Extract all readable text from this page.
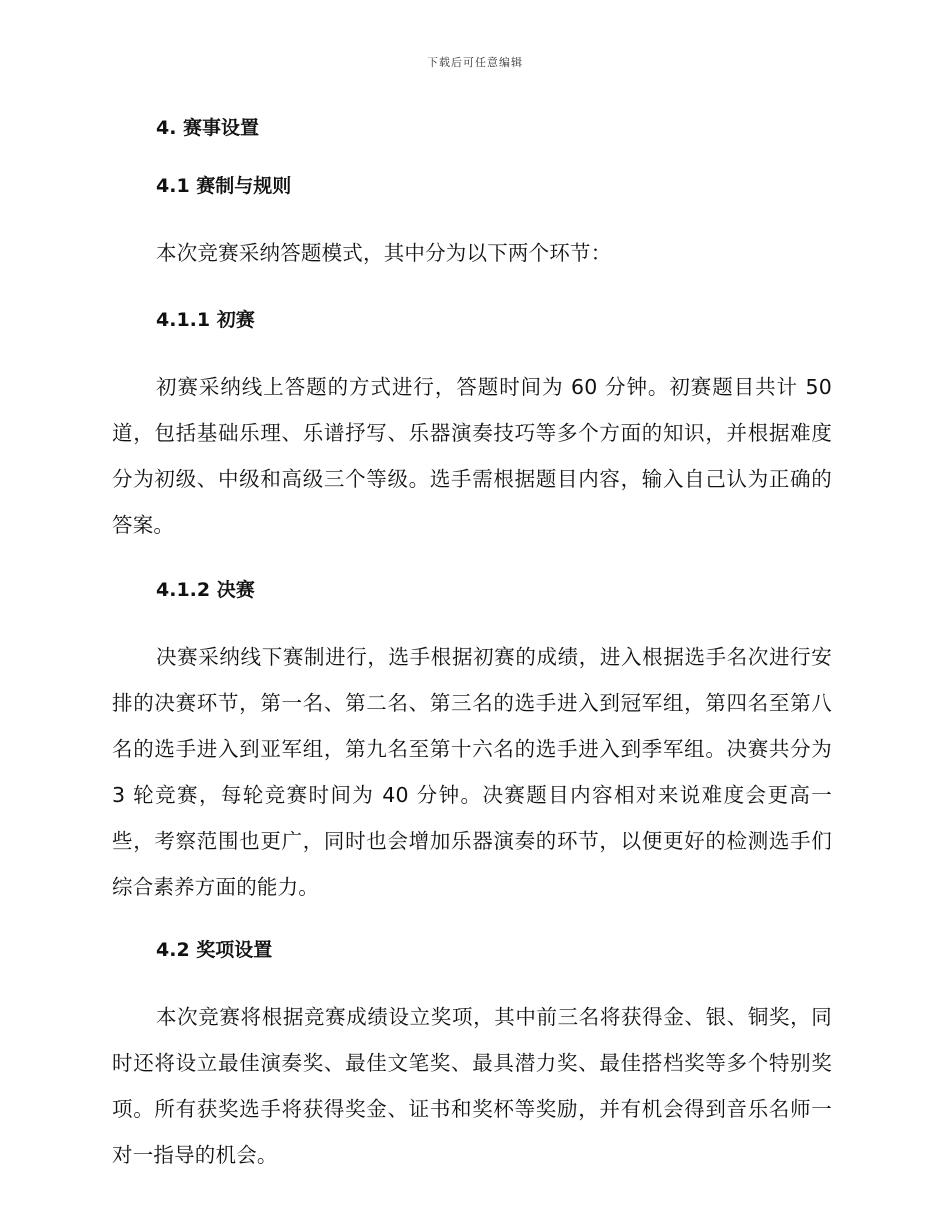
下载后可任意编辑
4. 赛事设置
4.1 赛制与规则

本次竞赛采纳答题模式，其中分为以下两个环节：

4.1.1 初赛

初赛采纳线上答题的方式进行，答题时间为 60 分钟。初赛题目共计 50 道，包括基础乐理、乐谱抒写、乐器演奏技巧等多个方面的知识，并根据难度分为初级、中级和高级三个等级。选手需根据题目内容，输入自己认为正确的答案。

4.1.2 决赛

决赛采纳线下赛制进行，选手根据初赛的成绩，进入根据选手名次进行安排的决赛环节，第一名、第二名、第三名的选手进入到冠军组，第四名至第八名的选手进入到亚军组，第九名至第十六名的选手进入到季军组。决赛共分为 3 轮竞赛，每轮竞赛时间为 40 分钟。决赛题目内容相对来说难度会更高一些，考察范围也更广，同时也会增加乐器演奏的环节，以便更好的检测选手们综合素养方面的能力。

4.2 奖项设置

本次竞赛将根据竞赛成绩设立奖项，其中前三名将获得金、银、铜奖，同时还将设立最佳演奏奖、最佳文笔奖、最具潜力奖、最佳搭档奖等多个特别奖项。所有获奖选手将获得奖金、证书和奖杯等奖励，并有机会得到音乐名师一对一指导的机会。
